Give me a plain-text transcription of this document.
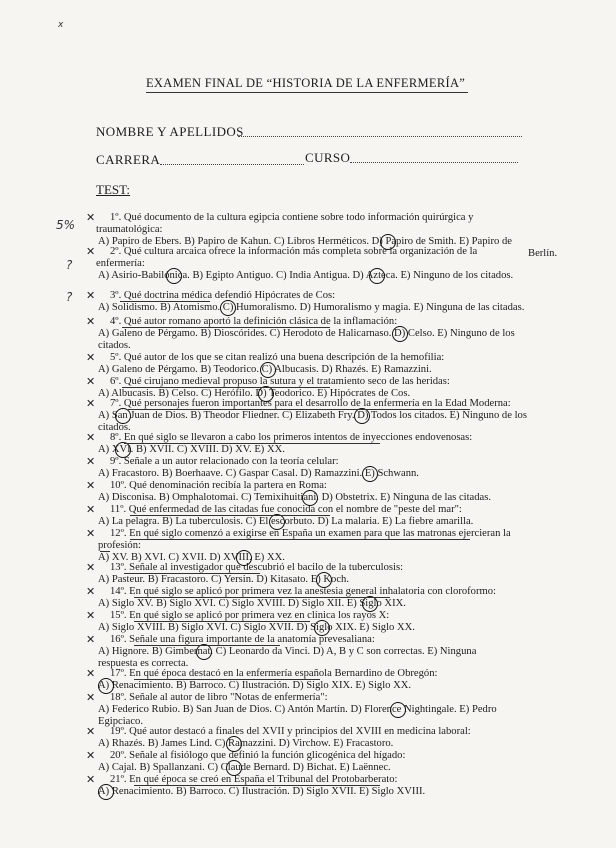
EXAMEN FINAL DE “HISTORIA DE LA ENFERMERÍA”
NOMBRE Y APELLIDOS
CARRERA	CURSO
TEST:
5%
?
?
x
1º. Qué documento de la cultura egipcia contiene sobre todo información quirúrgica y
traumatológica:
A) Papiro de Ebers. B) Papiro de Kahun. C) Libros Herméticos. D) Papiro de Smith. E) Papiro de
Berlín.
2º. Qué cultura arcaica ofrece la información más completa sobre la organización de la
enfermería:
A) Asirio-Babilónica. B) Egipto Antiguo. C) India Antigua. D) Azteca. E) Ninguno de los citados.
3º. Qué doctrina médica defendió Hipócrates de Cos:
A) Solidismo. B) Atomismo. C) Humoralismo. D) Humoralismo y magia. E) Ninguna de las citadas.
4º. Qué autor romano aportó la definición clásica de la inflamación:
A) Galeno de Pérgamo. B) Dioscórides. C) Herodoto de Halicarnaso. D) Celso. E) Ninguno de los
citados.
5º. Qué autor de los que se citan realizó una buena descripción de la hemofilia:
A) Galeno de Pérgamo. B) Teodorico. C) Albucasis. D) Rhazés. E) Ramazzini.
6º. Qué cirujano medieval propuso la sutura y el tratamiento seco de las heridas:
A) Albucasis. B) Celso. C) Herófilo. D) Teodorico. E) Hipócrates de Cos.
7º. Qué personajes fueron importantes para el desarrollo de la enfermería en la Edad Moderna:
A) San Juan de Dios. B) Theodor Fliedner. C) Elizabeth Fry. D) Todos los citados. E) Ninguno de los
citados.
8º. En qué siglo se llevaron a cabo los primeros intentos de inyecciones endovenosas:
A) XVI. B) XVII. C) XVIII. D) XV. E) XX.
9º. Señale a un autor relacionado con la teoría celular:
A) Fracastoro. B) Boerhaave. C) Gaspar Casal. D) Ramazzini. E) Schwann.
10º. Qué denominación recibía la partera en Roma:
A) Disconisa. B) Omphalotomai. C) Temixihuitiani. D) Obstetrix. E) Ninguna de las citadas.
11º. Qué enfermedad de las citadas fue conocida con el nombre de "peste del mar":
A) La pelagra. B) La tuberculosis. C) El escorbuto. D) La malaria. E) La fiebre amarilla.
12º. En qué siglo comenzó a exigirse en España un examen para que las matronas ejercieran la
profesión:
A) XV. B) XVI. C) XVII. D) XVIII. E) XX.
13º. Señale al investigador que descubrió el bacilo de la tuberculosis:
A) Pasteur. B) Fracastoro. C) Yersin. D) Kitasato. E) Koch.
14º. En qué siglo se aplicó por primera vez la anestesia general inhalatoria con cloroformo:
A) Siglo XV. B) Siglo XVI. C) Siglo XVIII. D) Siglo XII. E) Siglo XIX.
15º. En qué siglo se aplicó por primera vez en clínica los rayos X:
A) Siglo XVIII. B) Siglo XVI. C) Siglo XVII. D) Siglo XIX. E) Siglo XX.
16º. Señale una figura importante de la anatomía prevesaliana:
A) Hignore. B) Gimbernat. C) Leonardo da Vinci. D) A, B y C son correctas. E) Ninguna
respuesta es correcta.
17º. En qué época destacó en la enfermería española Bernardino de Obregón:
A) Renacimiento. B) Barroco. C) Ilustración. D) Siglo XIX. E) Siglo XX.
18º. Señale al autor de libro "Notas de enfermería":
A) Federico Rubio. B) San Juan de Dios. C) Antón Martín. D) Florence Nightingale. E) Pedro
Egipciaco.
19º. Qué autor destacó a finales del XVII y principios del XVIII en medicina laboral:
A) Rhazés. B) James Lind. C) Ramazzini. D) Virchow. E) Fracastoro.
20º. Señale al fisiólogo que definió la función glicogénica del hígado:
A) Cajal. B) Spallanzani. C) Claude Bernard. D) Bichat. E) Laënnec.
21º. En qué época se creó en España el Tribunal del Protobarberato:
A) Renacimiento. B) Barroco. C) Ilustración. D) Siglo XVII. E) Siglo XVIII.
✕
✕
✕
✕
✕
✕
✕
✕
✕
✕
✕
✕
✕
✕
✕
✕
✕
✕
✕
✕
✕
